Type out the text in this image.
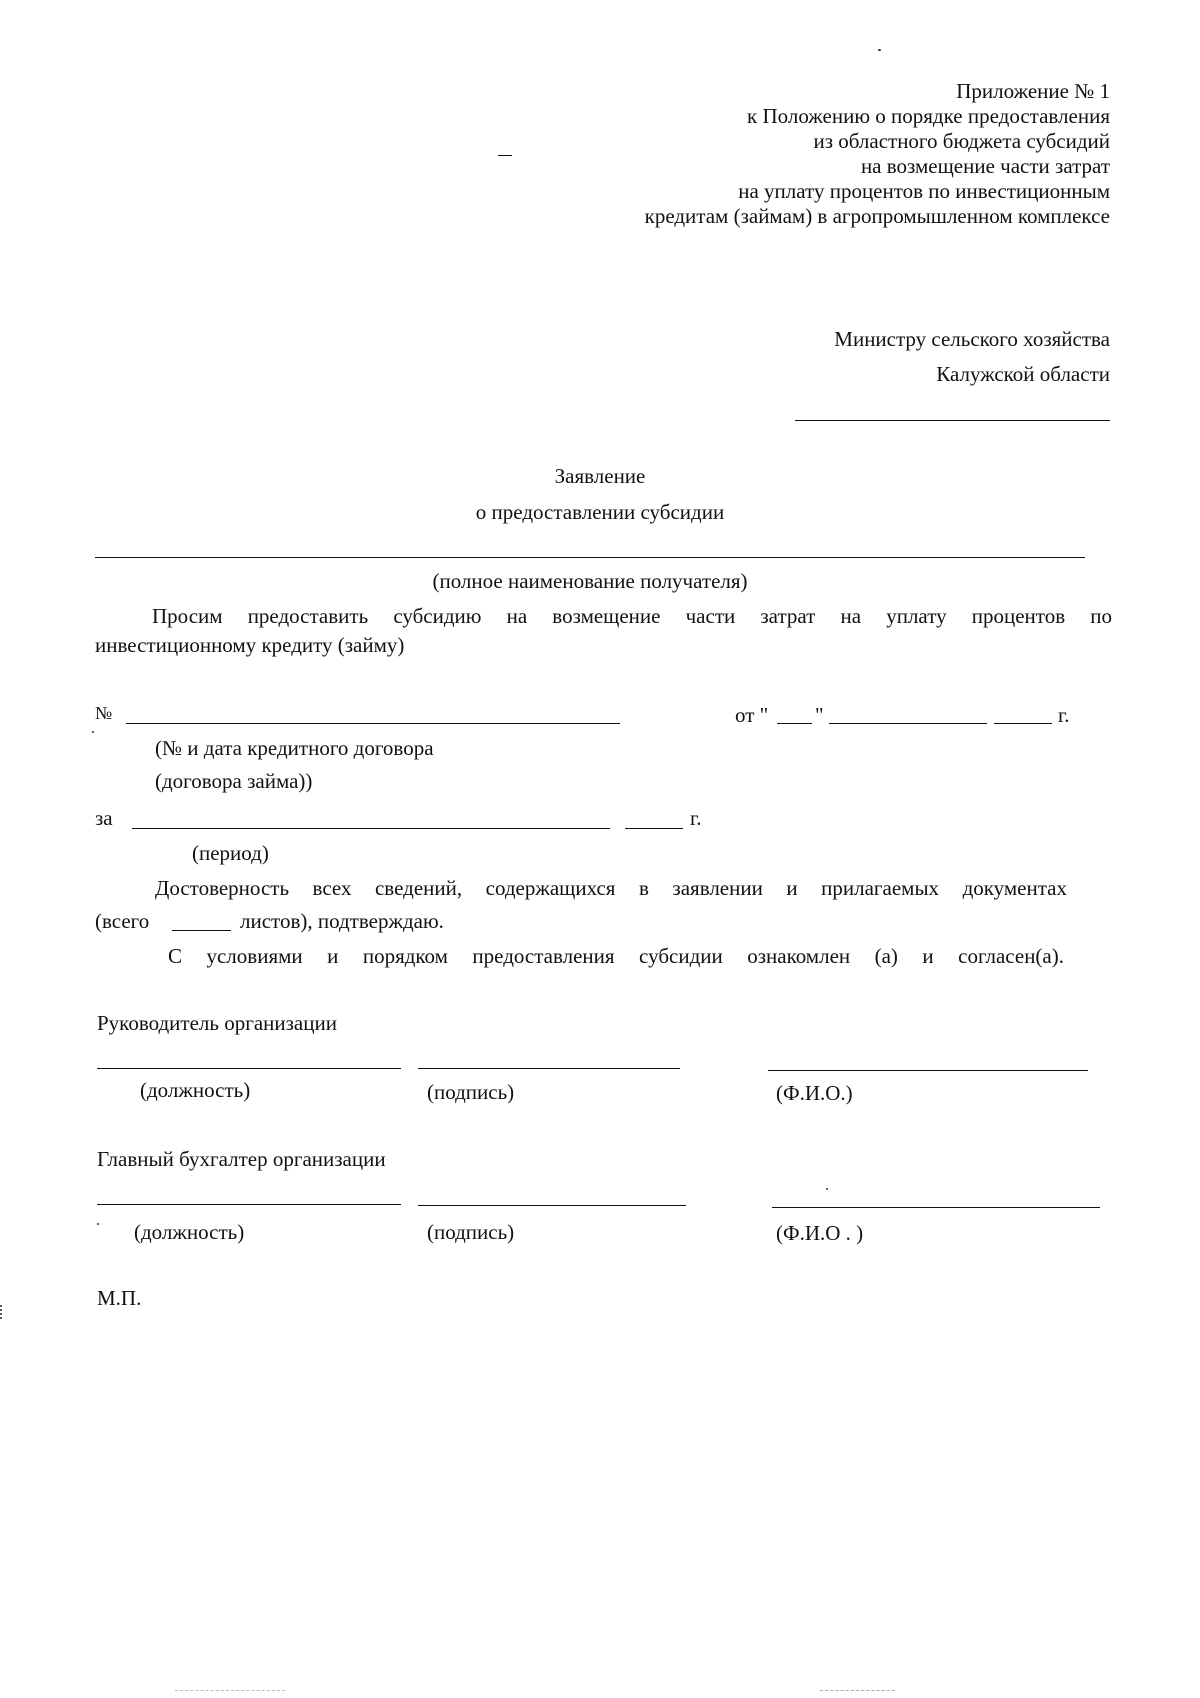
Приложение № 1
к Положению о порядке предоставления
из областного бюджета субсидий
на возмещение части затрат
на уплату процентов по инвестиционным
кредитам (займам) в агропромышленном комплексе
Министру сельского хозяйства
Калужской области
Заявление
о предоставлении субсидии
(полное наименование получателя)
Просим предоставить субсидию на возмещение части затрат на уплату процентов по
инвестиционному кредиту (займу)
№	от " "	г.
(№ и дата кредитного договора
(договора займа))
за	г.
(период)
Достоверность всех сведений, содержащихся в заявлении и прилагаемых документах
(всего	листов), подтверждаю.
С условиями и порядком предоставления субсидии ознакомлен (а) и согласен(а).
Руководитель организации
(должность)	(подпись)	(Ф.И.О.)
Главный бухгалтер организации
(должность)	(подпись)	(Ф.И.О . )
М.П.
